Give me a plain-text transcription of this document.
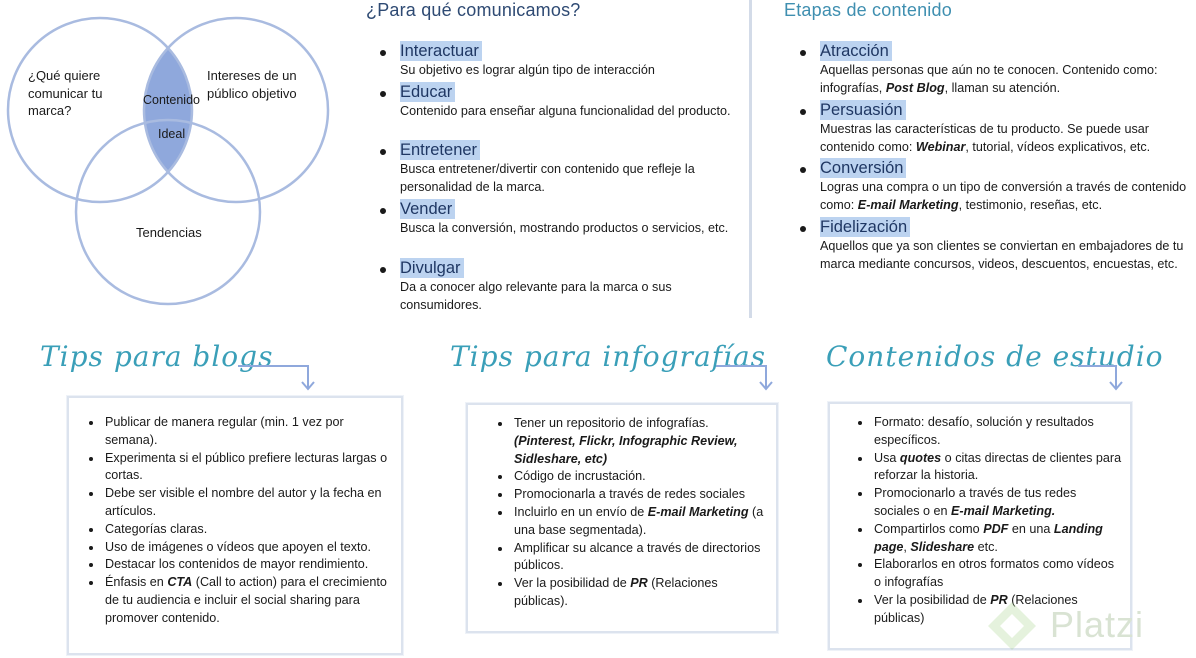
¿Qué quiere comunicar tu marca?
Intereses de un público objetivo
Contenido
Ideal
Tendencias
¿Para qué comunicamos?
Interactuar
Su objetivo es lograr algún tipo de interacción
Educar
Contenido para enseñar alguna funcionalidad del producto.
Entretener
Busca entretener/divertir con contenido que refleje la personalidad de la marca.
Vender
Busca la conversión, mostrando productos o servicios, etc.
Divulgar
Da a conocer algo relevante para la marca o sus consumidores.
Etapas de contenido
Atracción
Aquellas personas que aún no te conocen. Contenido como: infografías, Post Blog, llaman su atención.
Persuasión
Muestras las características de tu producto. Se puede usar contenido como: Webinar, tutorial, vídeos explicativos, etc.
Conversión
Logras una compra o un tipo de conversión a través de contenido como: E-mail Marketing, testimonio, reseñas, etc.
Fidelización
Aquellos que ya son clientes se conviertan en embajadores de tu marca mediante concursos, videos, descuentos, encuestas, etc.
Tips para blogs	Tips para infografías Contenidos de estudio
Publicar de manera regular (min. 1 vez por semana).
Experimenta si el público prefiere lecturas largas o cortas.
Debe ser visible el nombre del autor y la fecha en artículos.
Categorías claras.
Uso de imágenes o vídeos que apoyen el texto.
Destacar los contenidos de mayor rendimiento.
Énfasis en CTA (Call to action) para el crecimiento de tu audiencia e incluir el social sharing para promover contenido.
Tener un repositorio de infografías. (Pinterest, Flickr, Infographic Review, Sidleshare, etc)
Código de incrustación.
Promocionarla a través de redes sociales
Incluirlo en un envío de E-mail Marketing (a una base segmentada).
Amplificar su alcance a través de directorios públicos.
Ver la posibilidad de PR (Relaciones públicas).
Formato: desafío, solución y resultados específicos.
Usa quotes o citas directas de clientes para reforzar la historia.
Promocionarlo a través de tus redes sociales o en E-mail Marketing.
Compartirlos como PDF en una Landing page, Slideshare etc.
Elaborarlos en otros formatos como vídeos o infografías
Ver la posibilidad de PR (Relaciones públicas)	Platzi
